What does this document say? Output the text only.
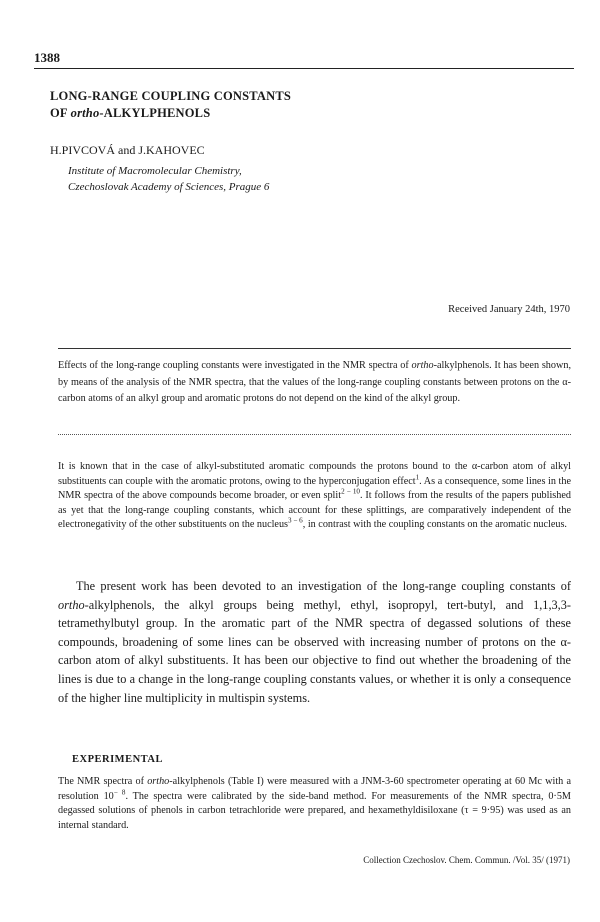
1388
LONG-RANGE COUPLING CONSTANTS
OF ortho-ALKYLPHENOLS
H.PIVCOVÁ and J.KAHOVEC
Institute of Macromolecular Chemistry,
Czechoslovak Academy of Sciences, Prague 6
Received January 24th, 1970

Effects of the long-range coupling constants were investigated in the NMR spectra of ortho-alkylphenols. It has been shown, by means of the analysis of the NMR spectra, that the values of the long-range coupling constants between protons on the α-carbon atoms of an alkyl group and aromatic protons do not depend on the kind of the alkyl group.

It is known that in the case of alkyl-substituted aromatic compounds the protons bound to the α-carbon atom of alkyl substituents can couple with the aromatic protons, owing to the hyperconjugation effect$^1$. As a consequence, some lines in the NMR spectra of the above compounds become broader, or even split$^{2 - 10}$. It follows from the results of the papers published as yet that the long-range coupling constants, which account for these splittings, are comparatively independent of the electronegativity of the other substituents on the nucleus$^{3 - 6}$, in contrast with the coupling constants on the aromatic nucleus.

The present work has been devoted to an investigation of the long-range coupling constants of ortho-alkylphenols, the alkyl groups being methyl, ethyl, isopropyl, tert-butyl, and 1,1,3,3-tetramethylbutyl group. In the aromatic part of the NMR spectra of degassed solutions of these compounds, broadening of some lines can be observed with increasing number of protons on the α-carbon atom of alkyl substituents. It has been our objective to find out whether the broadening of the lines is due to a change in the long-range coupling constants values, or whether it is only a consequence of the higher line multiplicity in multispin systems.

EXPERIMENTAL

The NMR spectra of ortho-alkylphenols (Table I) were measured with a JNM-3-60 spectrometer operating at 60 Mc with a resolution $10^{- 8}$. The spectra were calibrated by the side-band method. For measurements of the NMR spectra, 0·5M degassed solutions of phenols in carbon tetrachloride were prepared, and hexamethyldisiloxane (τ = 9·95) was used as an internal standard.

Collection Czechoslov. Chem. Commun. /Vol. 35/ (1971)
